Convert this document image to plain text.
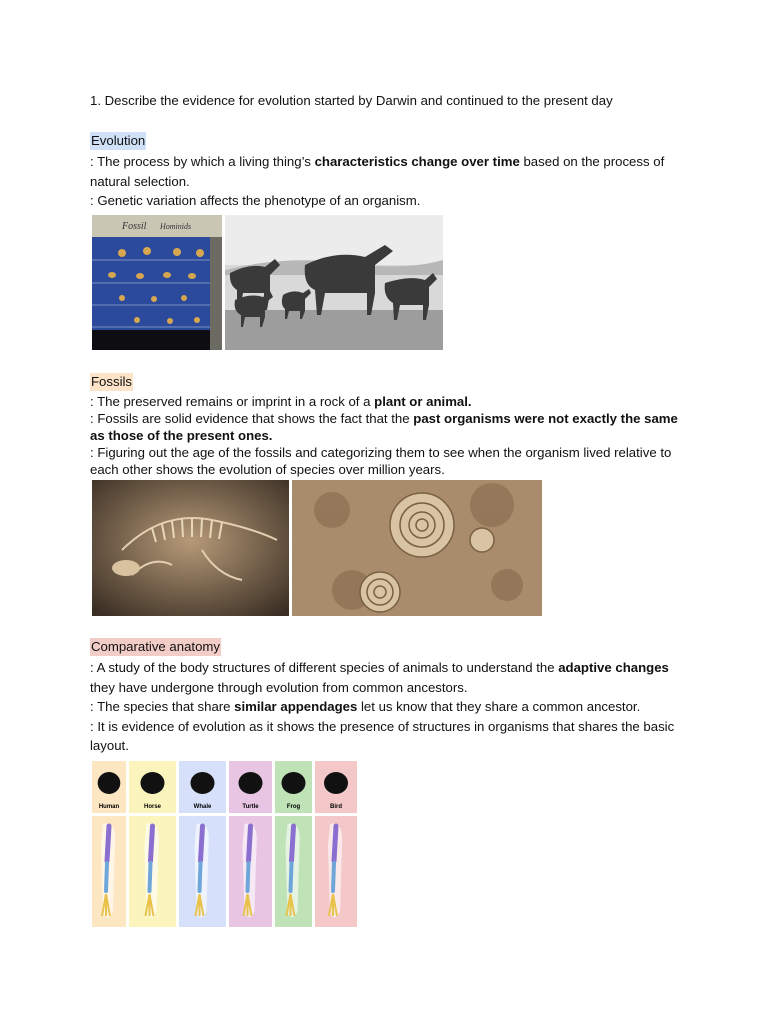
1. Describe the evidence for evolution started by Darwin and continued to the present day

Evolution

: The process by which a living thing’s characteristics change over time based on the process of natural selection.

: Genetic variation affects the phenotype of an organism.

Fossil Hominids
Fossils

: The preserved remains or imprint in a rock of a plant or animal.

: Fossils are solid evidence that shows the fact that the past organisms were not exactly the same as those of the present ones.

: Figuring out the age of the fossils and categorizing them to see when the organism lived relative to each other shows the evolution of species over million years.

Comparative anatomy

: A study of the body structures of different species of animals to understand the adaptive changes they have undergone through evolution from common ancestors.

: The species that share similar appendages let us know that they share a common ancestor.

: It is evidence of evolution as it shows the presence of structures in organisms that shares the basic layout.

Human	Horse	Whale	Turtle	Frog	Bird
